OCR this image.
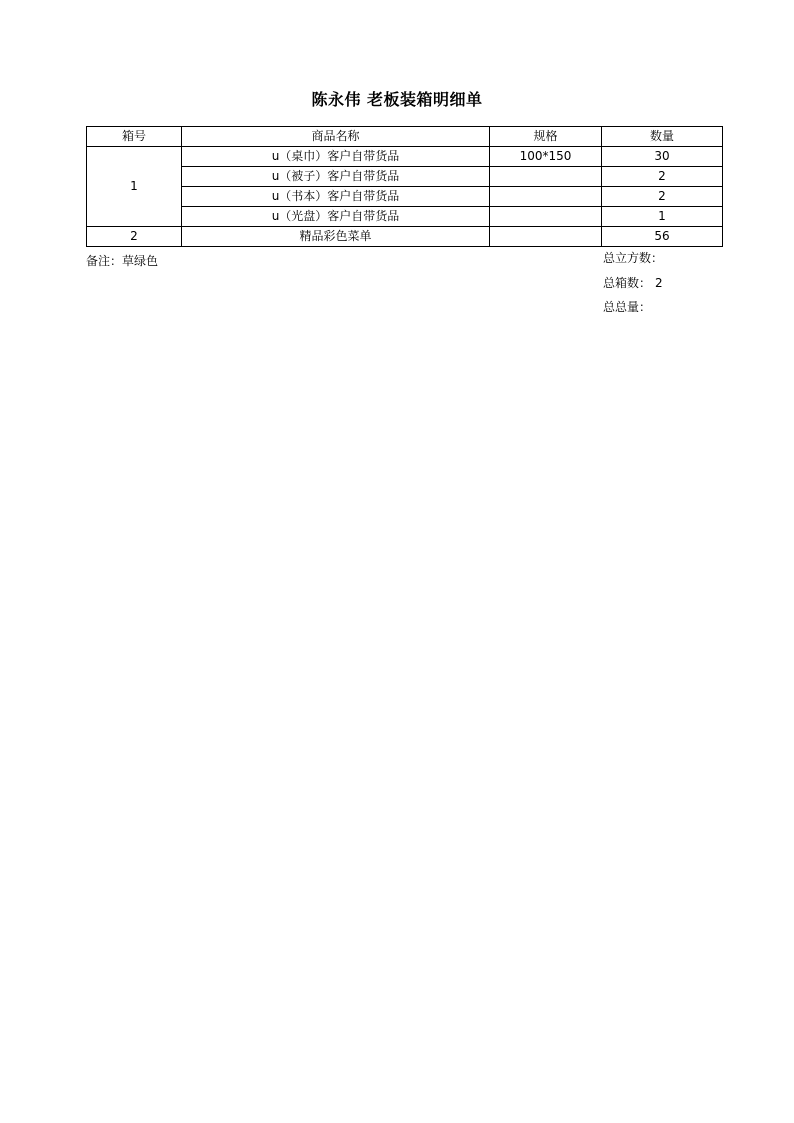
陈永伟 老板装箱明细单
箱号	商品名称	规格	数量
1	u（桌巾）客户自带货品	100*150	30
	u（被子）客户自带货品		2
	u（书本）客户自带货品		2
	u（光盘）客户自带货品		1
2	精品彩色菜单		56
备注：草绿色	总立方数：
总箱数： 2
总总量：
